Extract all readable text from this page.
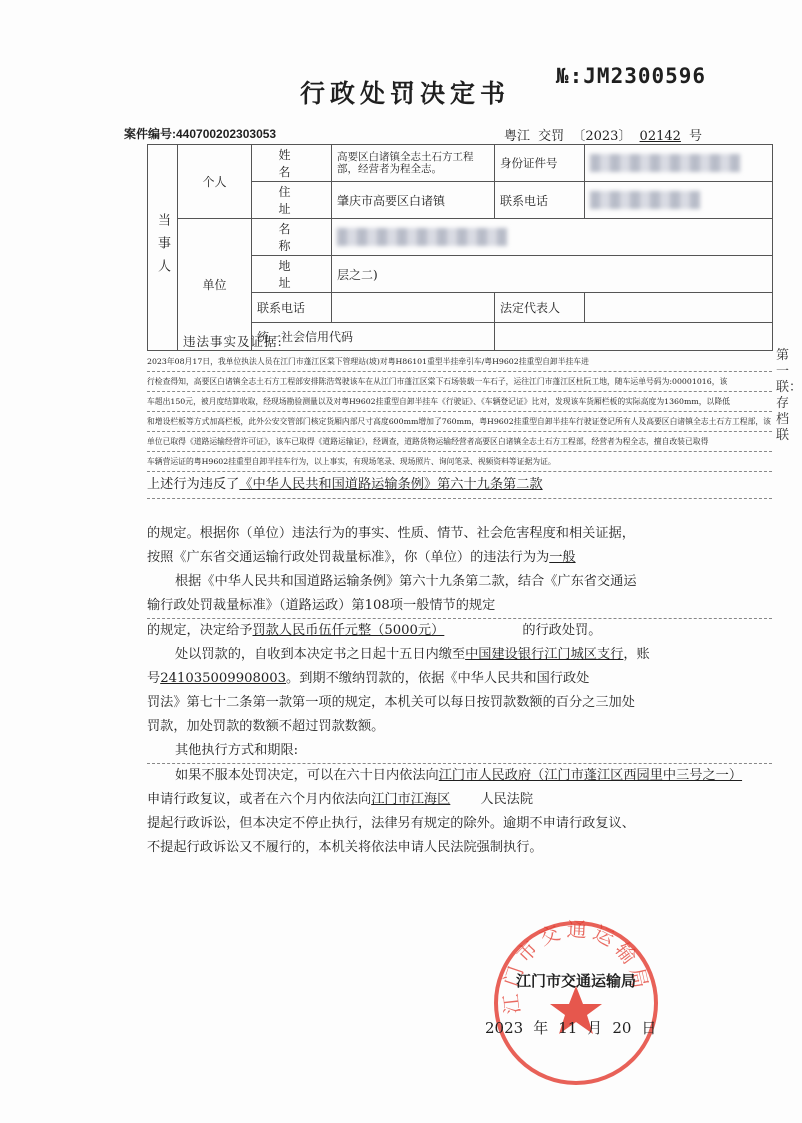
行政处罚决定书
№:JM2300596
案件编号:440700202303053	粤江 交罚 〔2023〕 02142 号
当事人	个人	姓 名	高要区白诸镇全志土石方工程部，经营者为程全志。	身份证件号	
		住 址	肇庆市高要区白诸镇	联系电话	
	单位	名 称			
		地 址	层之二)		
		联系电话		法定代表人	
		统一社会信用代码			
违法事实及证据:
2023年08月17日，我单位执法人员在江门市蓬江区棠下管理站(坡)对粤H86101重型半挂牵引车/粤H9602挂重型自卸半挂车进
行检查得知，高要区白诸镇全志土石方工程部安排陈浩驾驶该车在从江门市蓬江区棠下石场装载一车石子，运往江门市蓬江区杜阮工地，随车运单号码为:00001016，该
车超出150元，被月度结算收取，经现场勘验测量以及对粤H9602挂重型自卸半挂车《行驶证》、《车辆登记证》比对，发现该车货厢栏板的实际高度为1360mm，以降低
和增设栏板等方式加高栏板，此外公安交管部门核定货厢内部尺寸高度600mm增加了760mm，粤H9602挂重型自卸半挂车行驶证登记所有人及高要区白诸镇全志土石方工程部，该
单位已取得《道路运输经营许可证》，该车已取得《道路运输证》，经调查，道路货物运输经营者高要区白诸镇全志土石方工程部，经营者为程全志，擅自改装已取得
车辆营运证的粤H9602挂重型自卸半挂车行为，以上事实，有现场笔录、现场照片、询问笔录、视频资料等证据为证。
上述行为违反了《中华人民共和国道路运输条例》第六十九条第二款
的规定。根据你（单位）违法行为的事实、性质、情节、社会危害程度和相关证据，
按照《广东省交通运输行政处罚裁量标准》，你（单位）的违法行为为一般
根据《中华人民共和国道路运输条例》第六十九条第二款，结合《广东省交通运
输行政处罚裁量标准》（道路运政）第108项一般情节的规定
的规定，决定给予罚款人民币伍仟元整（5000元）	的行政处罚。
处以罚款的，自收到本决定书之日起十五日内缴至中国建设银行江门城区支行，账
号241035009908003。到期不缴纳罚款的，依据《中华人民共和国行政处
罚法》第七十二条第一款第一项的规定，本机关可以每日按罚款数额的百分之三加处
罚款，加处罚款的数额不超过罚款数额。
其他执行方式和期限:
如果不服本处罚决定，可以在六十日内依法向江门市人民政府（江门市蓬江区西园里中三号之一）
申请行政复议，或者在六个月内依法向江门市江海区 人民法院
提起行政诉讼，但本决定不停止执行，法律另有规定的除外。逾期不申请行政复议、
不提起行政诉讼又不履行的，本机关将依法申请人民法院强制执行。
第一联：存档联
江门市交通运输局
江门市交通运输局
2023 年 11 月 20 日
